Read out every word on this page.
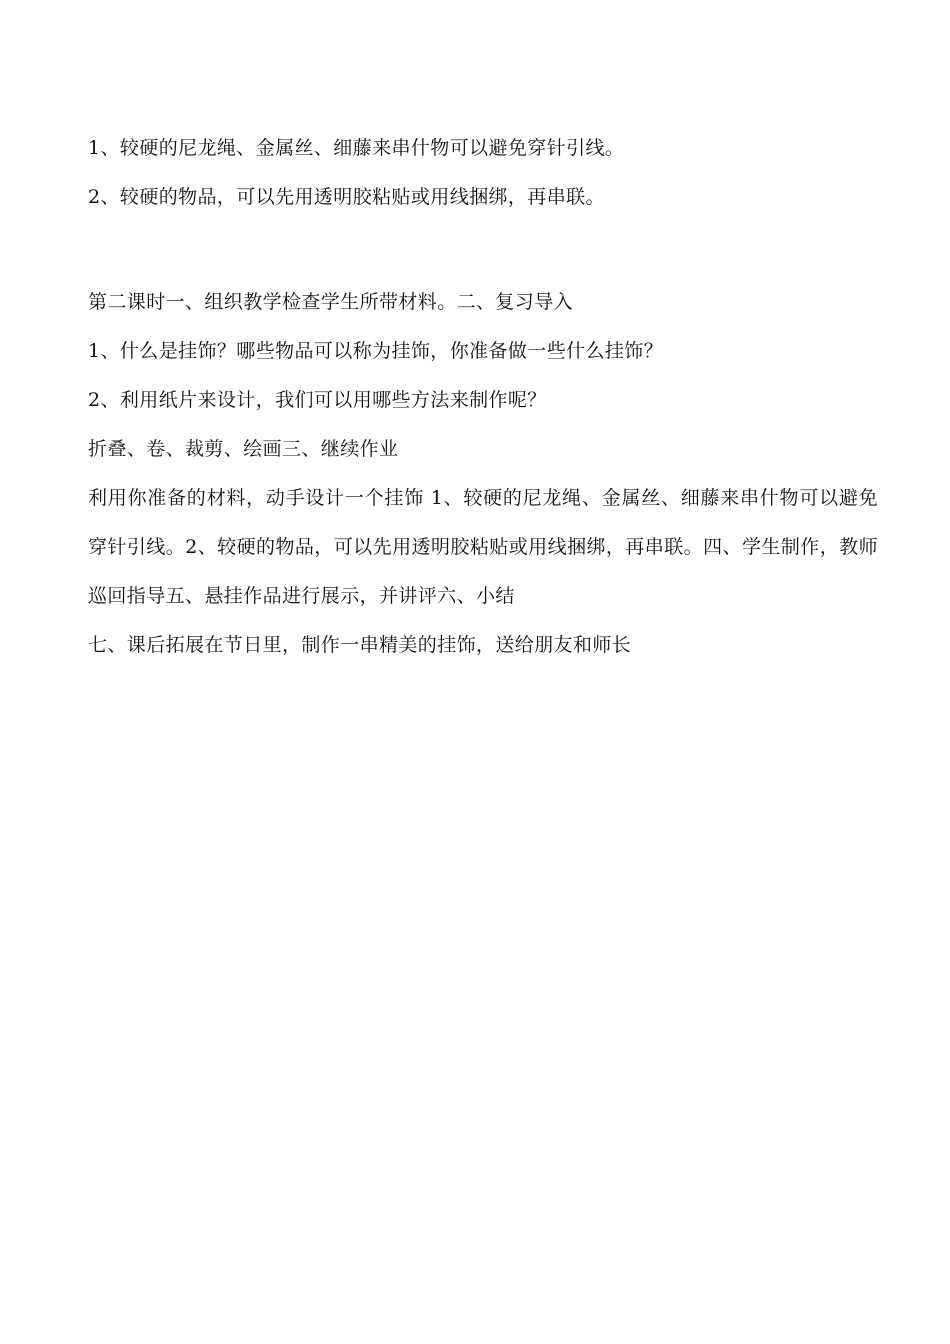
1、较硬的尼龙绳、金属丝、细藤来串什物可以避免穿针引线。

2、较硬的物品，可以先用透明胶粘贴或用线捆绑，再串联。

第二课时一、组织教学检查学生所带材料。二、复习导入

1、什么是挂饰？哪些物品可以称为挂饰，你准备做一些什么挂饰？

2、利用纸片来设计，我们可以用哪些方法来制作呢？

折叠、卷、裁剪、绘画三、继续作业

利用你准备的材料，动手设计一个挂饰 1、较硬的尼龙绳、金属丝、细藤来串什物可以避免穿针引线。2、较硬的物品，可以先用透明胶粘贴或用线捆绑，再串联。四、学生制作，教师巡回指导五、悬挂作品进行展示，并讲评六、小结

七、课后拓展在节日里，制作一串精美的挂饰，送给朋友和师长
